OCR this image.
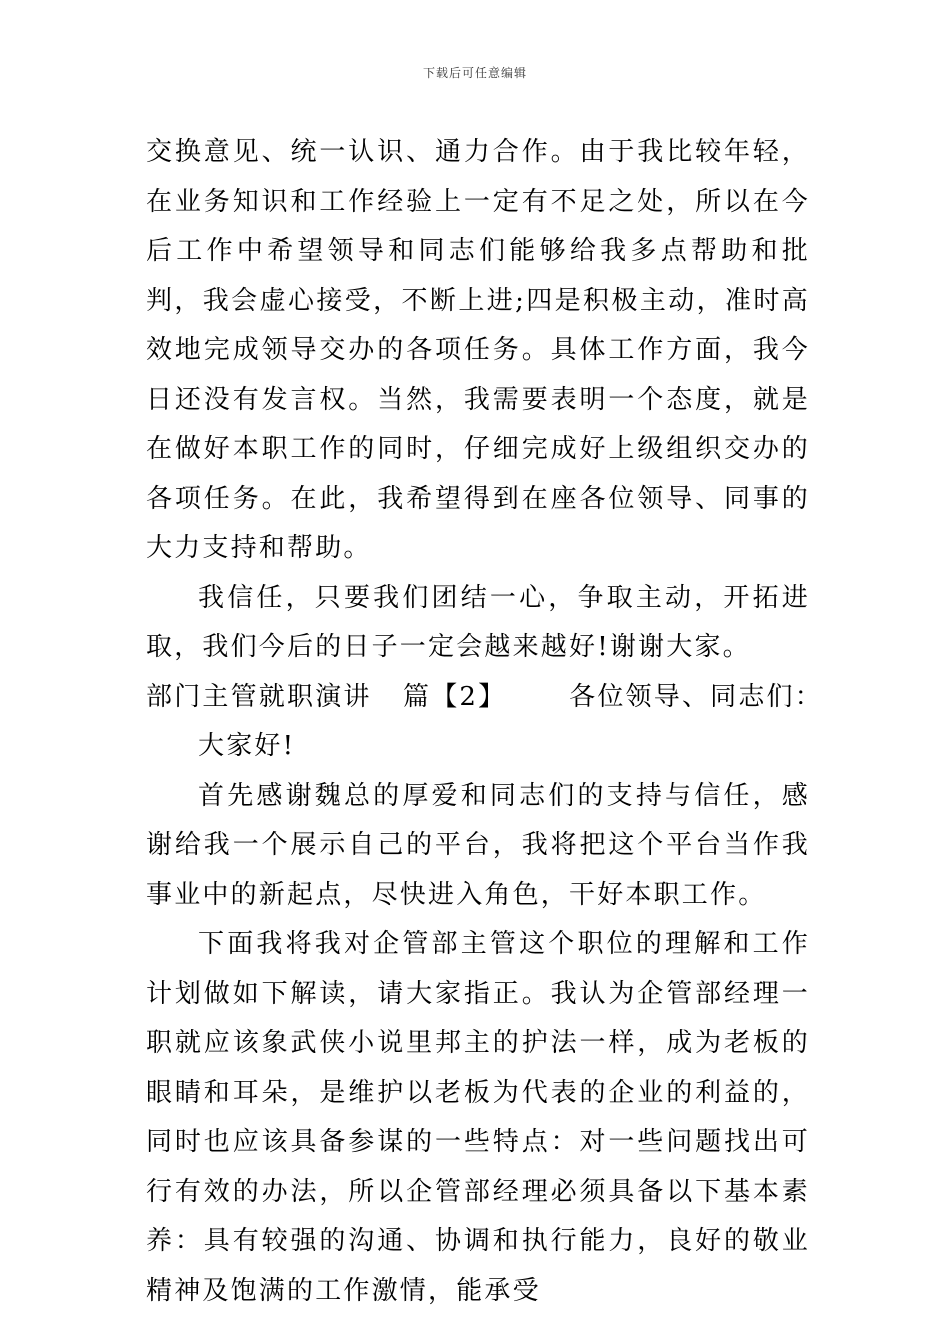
下载后可任意编辑

交换意见、统一认识、通力合作。由于我比较年轻，在业务知识和工作经验上一定有不足之处，所以在今后工作中希望领导和同志们能够给我多点帮助和批判，我会虚心接受，不断上进;四是积极主动，准时高效地完成领导交办的各项任务。具体工作方面，我今日还没有发言权。当然，我需要表明一个态度，就是在做好本职工作的同时，仔细完成好上级组织交办的各项任务。在此，我希望得到在座各位领导、同事的大力支持和帮助。

我信任，只要我们团结一心，争取主动，开拓进取，我们今后的日子一定会越来越好!谢谢大家。

部门主管就职演讲 篇【2】 各位领导、同志们：

大家好!

首先感谢魏总的厚爱和同志们的支持与信任，感谢给我一个展示自己的平台，我将把这个平台当作我事业中的新起点，尽快进入角色，干好本职工作。

下面我将我对企管部主管这个职位的理解和工作计划做如下解读，请大家指正。我认为企管部经理一职就应该象武侠小说里邦主的护法一样，成为老板的眼睛和耳朵，是维护以老板为代表的企业的利益的，同时也应该具备参谋的一些特点：对一些问题找出可行有效的办法，所以企管部经理必须具备以下基本素养：具有较强的沟通、协调和执行能力，良好的敬业精神及饱满的工作激情，能承受
